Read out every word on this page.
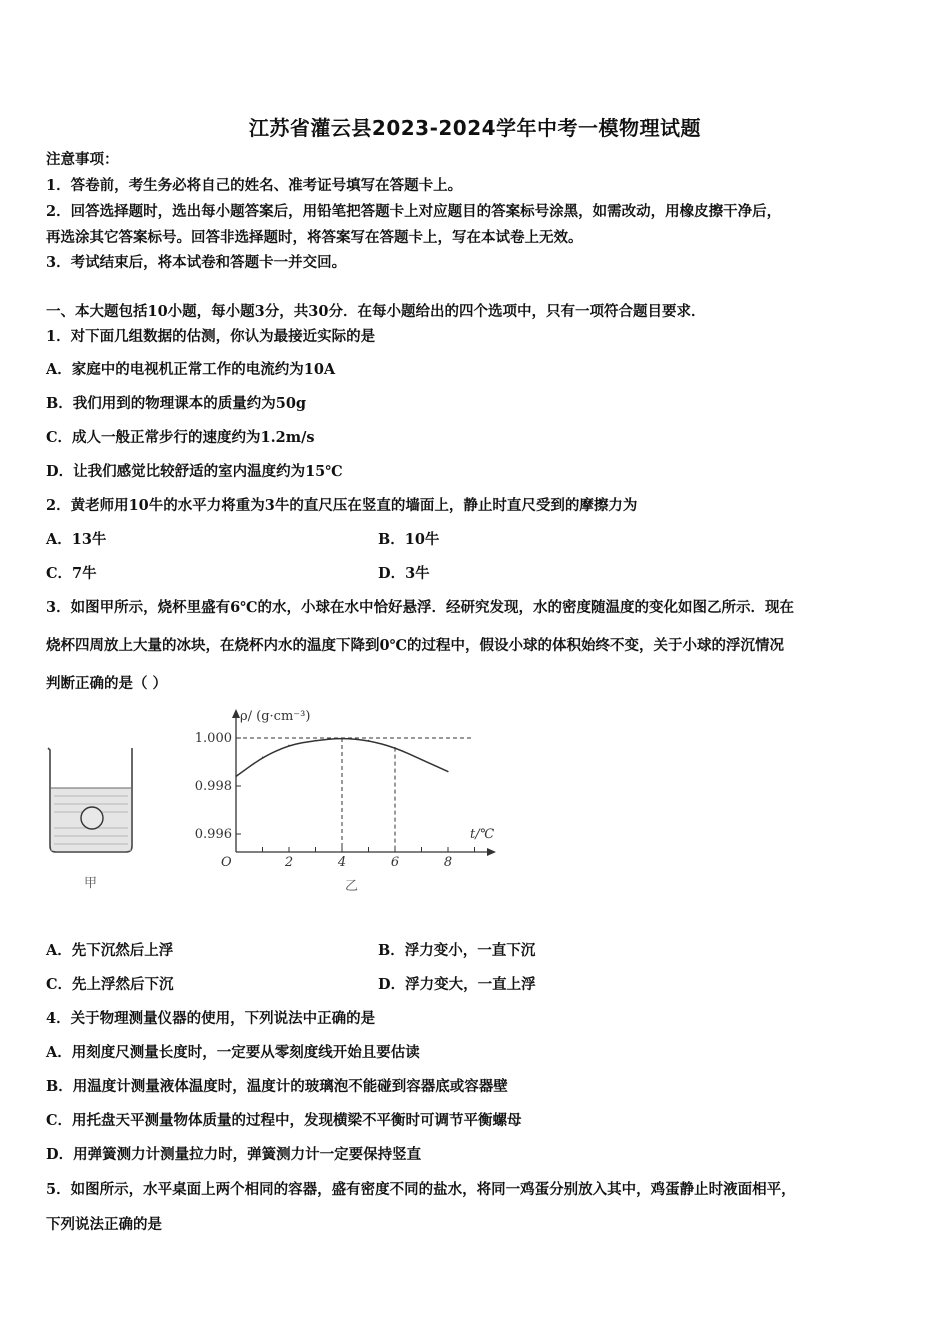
江苏省灌云县2023-2024学年中考一模物理试题
注意事项：
1．答卷前，考生务必将自己的姓名、准考证号填写在答题卡上。
2．回答选择题时，选出每小题答案后，用铅笔把答题卡上对应题目的答案标号涂黑，如需改动，用橡皮擦干净后，
再选涂其它答案标号。回答非选择题时，将答案写在答题卡上，写在本试卷上无效。
3．考试结束后，将本试卷和答题卡一并交回。
一、本大题包括10小题，每小题3分，共30分．在每小题给出的四个选项中，只有一项符合题目要求．
1．对下面几组数据的估测，你认为最接近实际的是
A．家庭中的电视机正常工作的电流约为10A
B．我们用到的物理课本的质量约为50g
C．成人一般正常步行的速度约为1.2m/s
D．让我们感觉比较舒适的室内温度约为15℃
2．黄老师用10牛的水平力将重为3牛的直尺压在竖直的墙面上，静止时直尺受到的摩擦力为
A．13牛	B．10牛
C．7牛	D．3牛
3．如图甲所示，烧杯里盛有6℃的水，小球在水中恰好悬浮．经研究发现，水的密度随温度的变化如图乙所示．现在
烧杯四周放上大量的冰块，在烧杯内水的温度下降到0℃的过程中，假设小球的体积始终不变，关于小球的浮沉情况
判断正确的是（ ）
甲
ρ/ (g·cm⁻³)
t/℃
O
乙
1.000
0.998
0.996
2	4	6	8
A．先下沉然后上浮	B．浮力变小，一直下沉
C．先上浮然后下沉	D．浮力变大，一直上浮
4．关于物理测量仪器的使用，下列说法中正确的是
A．用刻度尺测量长度时，一定要从零刻度线开始且要估读
B．用温度计测量液体温度时，温度计的玻璃泡不能碰到容器底或容器壁
C．用托盘天平测量物体质量的过程中，发现横梁不平衡时可调节平衡螺母
D．用弹簧测力计测量拉力时，弹簧测力计一定要保持竖直
5．如图所示，水平桌面上两个相同的容器，盛有密度不同的盐水，将同一鸡蛋分别放入其中，鸡蛋静止时液面相平，
下列说法正确的是
